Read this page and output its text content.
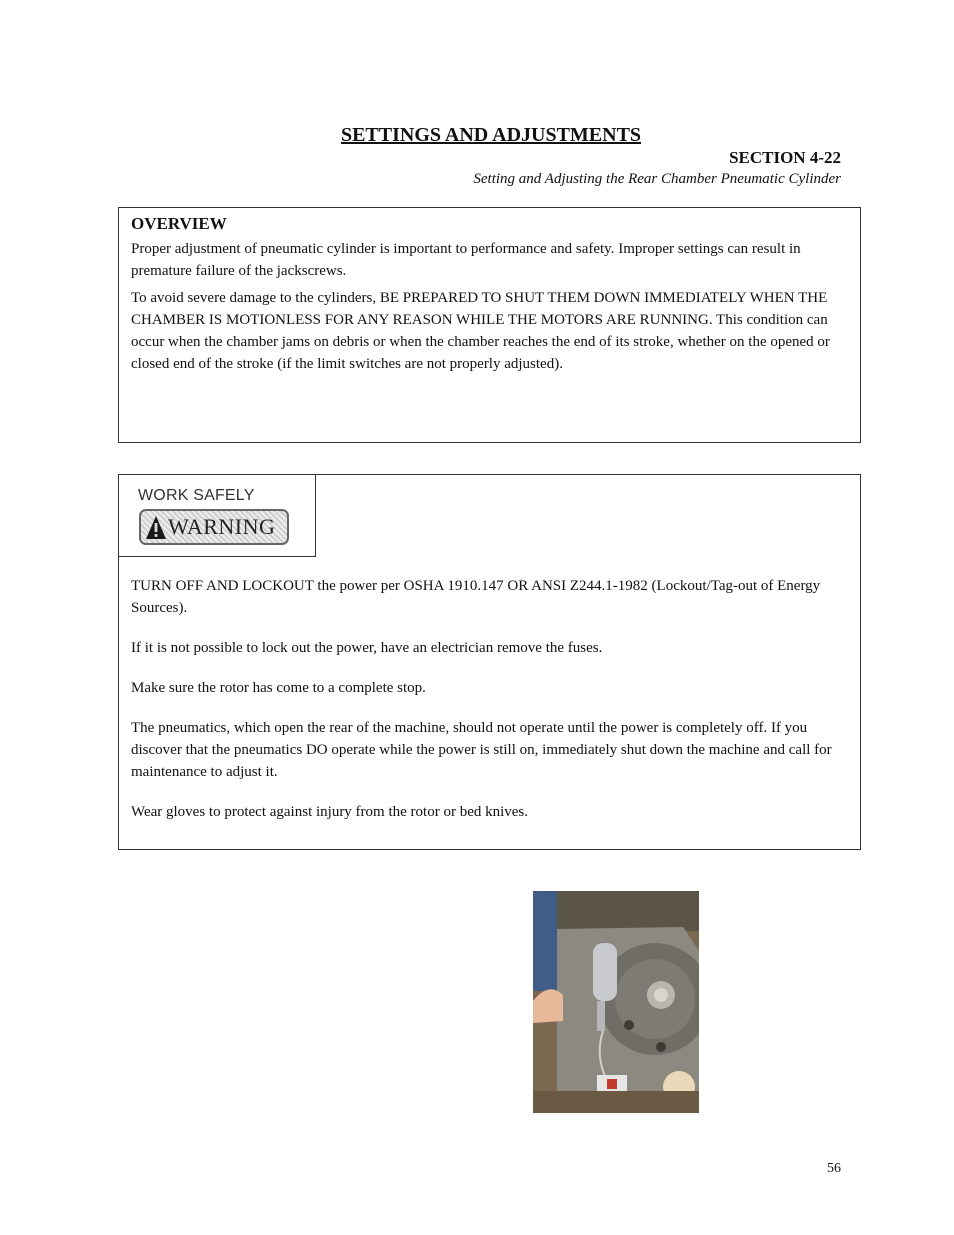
SETTINGS AND ADJUSTMENTS
SECTION 4-22
Setting and Adjusting the Rear Chamber Pneumatic Cylinder
OVERVIEW

Proper adjustment of pneumatic cylinder is important to performance and safety. Improper settings can result in premature failure of the jackscrews.

To avoid severe damage to the cylinders, BE PREPARED TO SHUT THEM DOWN IMMEDIATELY WHEN THE CHAMBER IS MOTIONLESS FOR ANY REASON WHILE THE MOTORS ARE RUNNING. This condition can occur when the chamber jams on debris or when the chamber reaches the end of its stroke, whether on the opened or closed end of the stroke (if the limit switches are not properly adjusted).

WORK SAFELY
WARNING

TURN OFF AND LOCKOUT the power per OSHA 1910.147 OR ANSI Z244.1-1982 (Lockout/Tag-out of Energy Sources).

If it is not possible to lock out the power, have an electrician remove the fuses.

Make sure the rotor has come to a complete stop.

The pneumatics, which open the rear of the machine, should not operate until the power is completely off. If you discover that the pneumatics DO operate while the power is still on, immediately shut down the machine and call for maintenance to adjust it.

Wear gloves to protect against injury from the rotor or bed knives.

56
